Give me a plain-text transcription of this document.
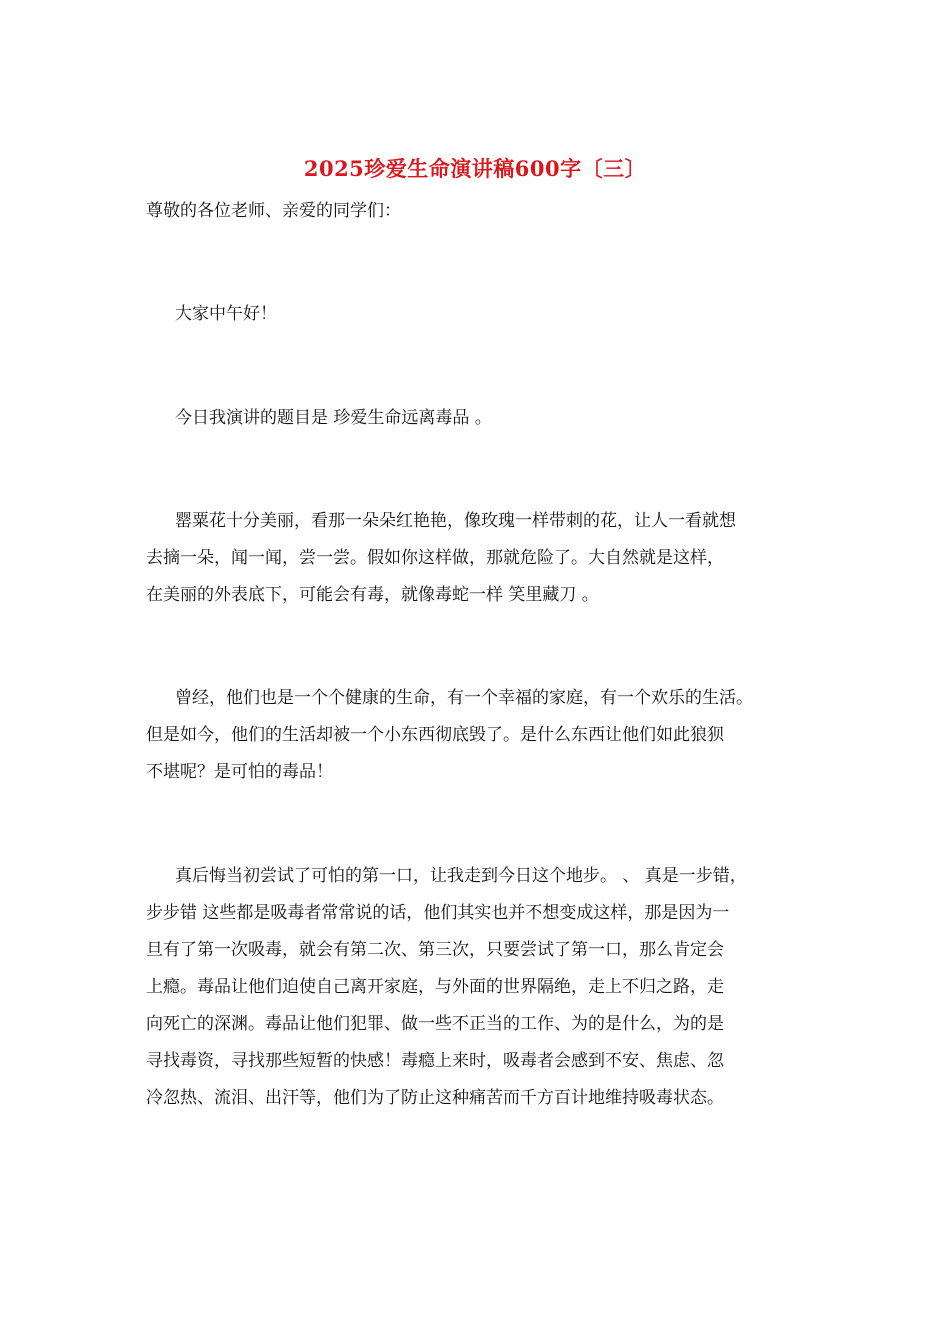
2025珍爱生命演讲稿600字〔三〕
尊敬的各位老师、亲爱的同学们：
大家中午好！
今日我演讲的题目是 珍爱生命远离毒品 。
罂粟花十分美丽，看那一朵朵红艳艳，像玫瑰一样带刺的花，让人一看就想
去摘一朵，闻一闻，尝一尝。假如你这样做，那就危险了。大自然就是这样，
在美丽的外表底下，可能会有毒，就像毒蛇一样 笑里藏刀 。
曾经，他们也是一个个健康的生命，有一个幸福的家庭，有一个欢乐的生活。
但是如今，他们的生活却被一个小东西彻底毁了。是什么东西让他们如此狼狈
不堪呢？是可怕的毒品！
真后悔当初尝试了可怕的第一口，让我走到今日这个地步。 、 真是一步错，
步步错 这些都是吸毒者常常说的话，他们其实也并不想变成这样，那是因为一
旦有了第一次吸毒，就会有第二次、第三次，只要尝试了第一口，那么肯定会
上瘾。毒品让他们迫使自己离开家庭，与外面的世界隔绝，走上不归之路，走
向死亡的深渊。毒品让他们犯罪、做一些不正当的工作、为的是什么，为的是
寻找毒资，寻找那些短暂的快感！毒瘾上来时，吸毒者会感到不安、焦虑、忽
冷忽热、流泪、出汗等，他们为了防止这种痛苦而千方百计地维持吸毒状态。
